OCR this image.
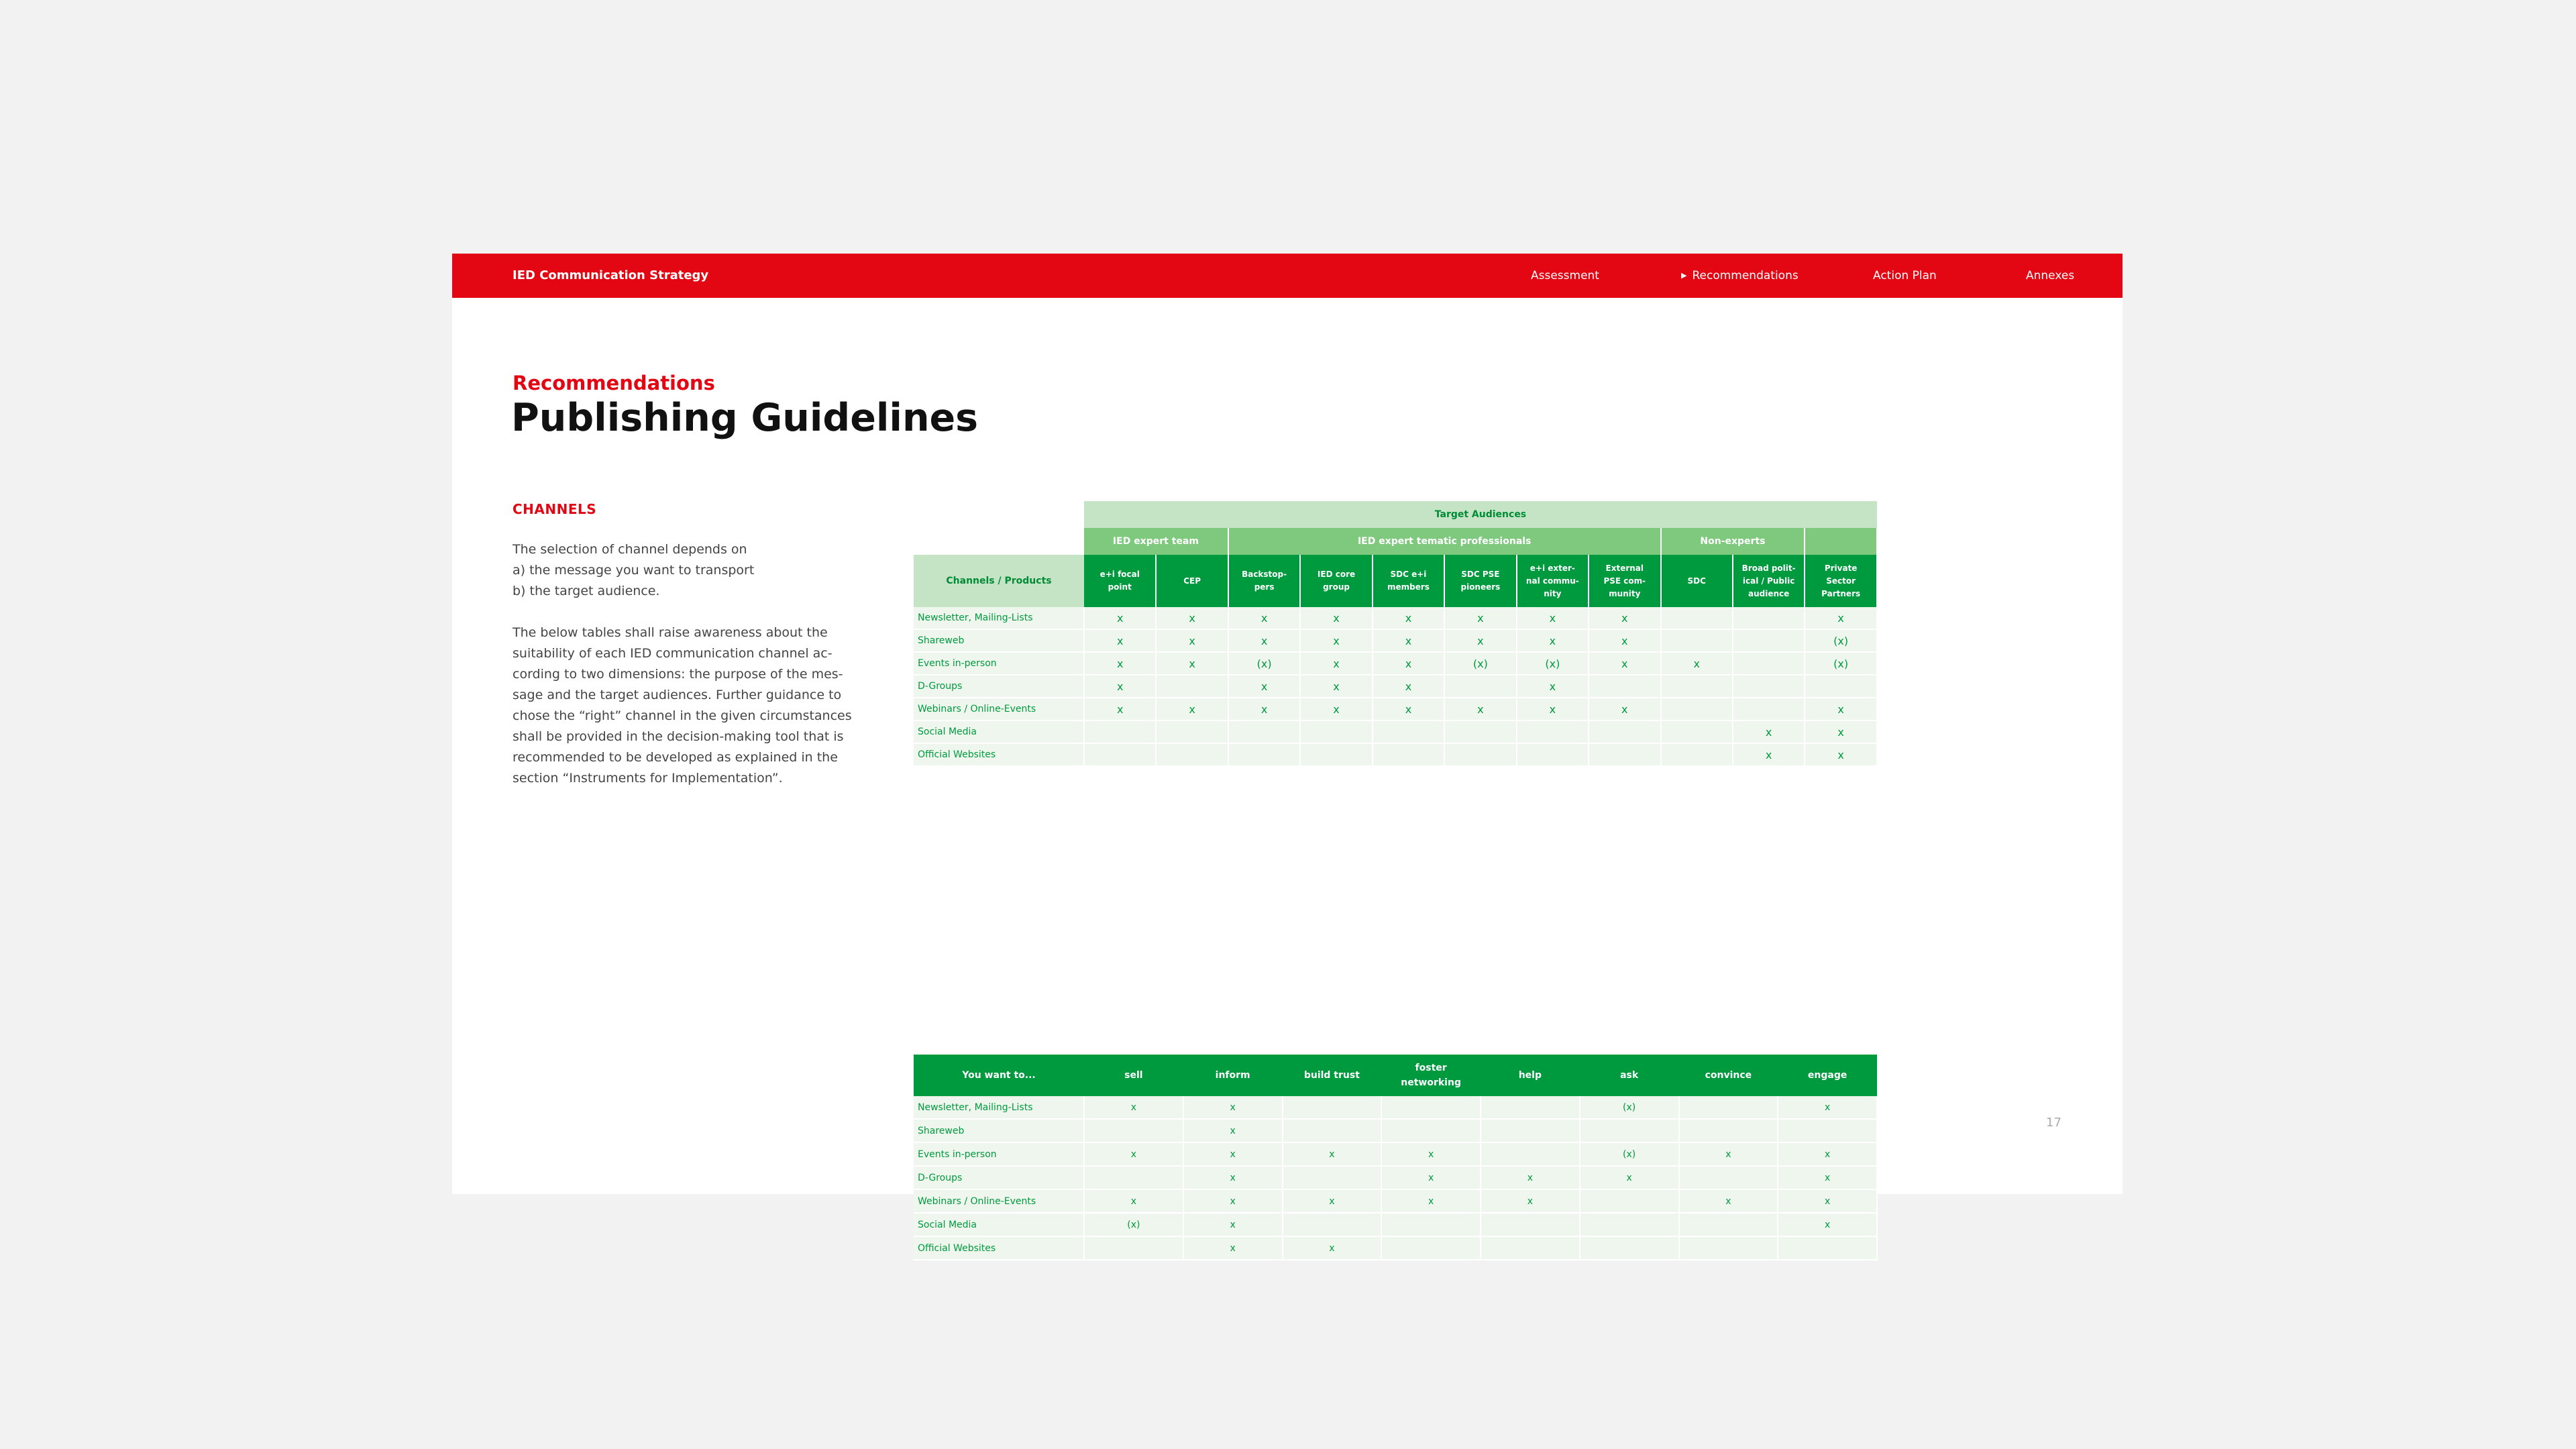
IED Communication Strategy	Assessment	▶ Recommendations	Action Plan	Annexes
Recommendations
Publishing Guidelines
CHANNELS

The selection of channel depends on
a) the message you want to transport
b) the target audience.

The below tables shall raise awareness about the
suitability of each IED communication channel ac-
cording to two dimensions: the purpose of the mes-
sage and the target audiences. Further guidance to
chose the “right” channel in the given circumstances
shall be provided in the decision-making tool that is
recommended to be developed as explained in the
section “Instruments for Implementation”.

	Target Audiences										
	IED expert team		IED expert tematic professionals						Non-experts		
Channels / Products	e+i focal
point	CEP	Backstop-
pers	IED core
group	SDC e+i
members	SDC PSE
pioneers	e+i exter-
nal commu-
nity	External
PSE com-
munity	SDC	Broad polit-
ical / Public
audience	Private
Sector
Partners
Newsletter, Mailing-Lists	x	x	x	x	x	x	x	x			x
Shareweb	x	x	x	x	x	x	x	x			(x)
Events in-person	x	x	(x)	x	x	(x)	(x)	x	x		(x)
D-Groups	x		x	x	x		x				
Webinars / Online-Events	x	x	x	x	x	x	x	x			x
Social Media										x	x
Official Websites										x	x
You want to...	sell	inform	build trust	foster
networking	help	ask	convince	engage
Newsletter, Mailing-Lists	x	x				(x)		x
Shareweb		x						
Events in-person	x	x	x	x		(x)	x	x
D-Groups		x		x	x	x		x
Webinars / Online-Events	x	x	x	x	x		x	x
Social Media	(x)	x						x
Official Websites		x	x					
17
